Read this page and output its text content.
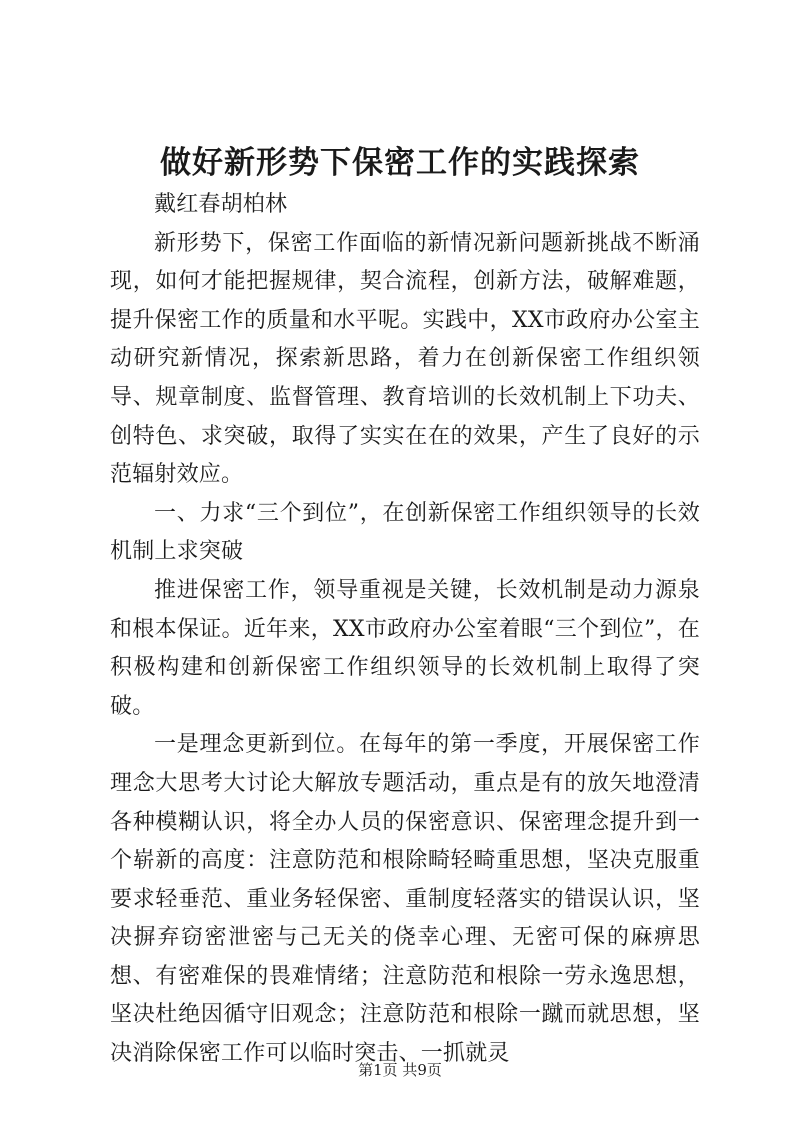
做好新形势下保密工作的实践探索

戴红春胡柏林

新形势下，保密工作面临的新情况新问题新挑战不断涌现，如何才能把握规律，契合流程，创新方法，破解难题，提升保密工作的质量和水平呢。实践中，XX市政府办公室主动研究新情况，探索新思路，着力在创新保密工作组织领导、规章制度、监督管理、教育培训的长效机制上下功夫、创特色、求突破，取得了实实在在的效果，产生了良好的示范辐射效应。

一、力求“三个到位”，在创新保密工作组织领导的长效机制上求突破

推进保密工作，领导重视是关键，长效机制是动力源泉和根本保证。近年来，XX市政府办公室着眼“三个到位”，在积极构建和创新保密工作组织领导的长效机制上取得了突破。

一是理念更新到位。在每年的第一季度，开展保密工作理念大思考大讨论大解放专题活动，重点是有的放矢地澄清各种模糊认识，将全办人员的保密意识、保密理念提升到一个崭新的高度：注意防范和根除畸轻畸重思想，坚决克服重要求轻垂范、重业务轻保密、重制度轻落实的错误认识，坚决摒弃窃密泄密与己无关的侥幸心理、无密可保的麻痹思想、有密难保的畏难情绪；注意防范和根除一劳永逸思想，坚决杜绝因循守旧观念；注意防范和根除一蹴而就思想，坚决消除保密工作可以临时突击、一抓就灵

第1页 共9页
